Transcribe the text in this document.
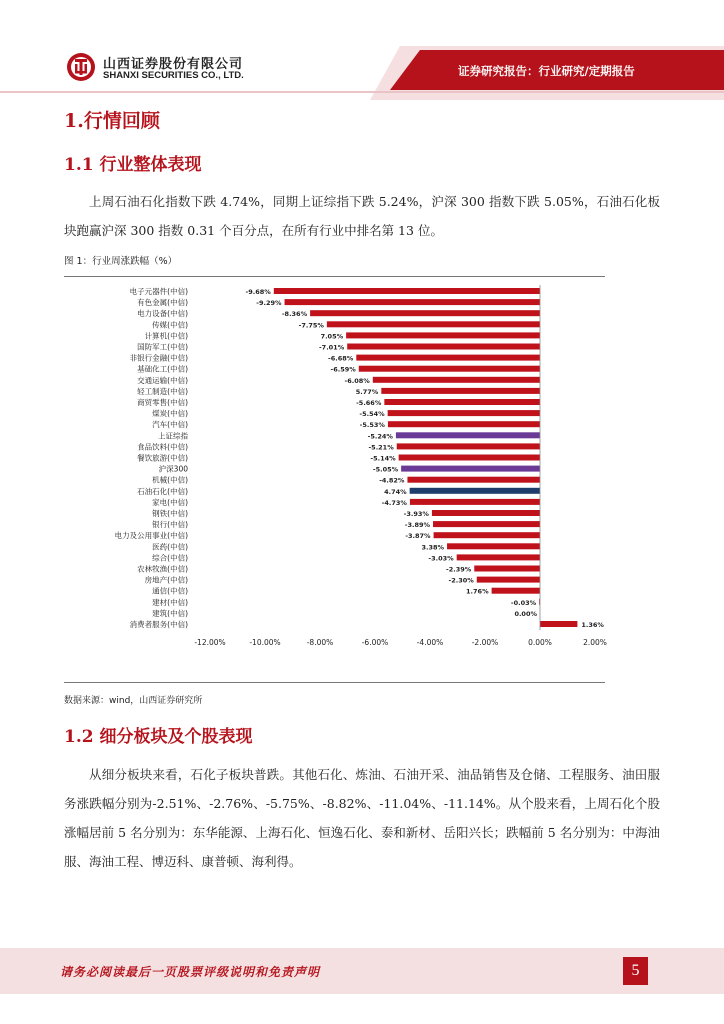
山西证券股份有限公司
SHANXI SECURITIES CO., LTD.	证券研究报告：行业研究/定期报告
1.行情回顾
1.1 行业整体表现
上周石油石化指数下跌 4.74%，同期上证综指下跌 5.24%，沪深 300 指数下跌 5.05%，石油石化板块跑赢沪深 300 指数 0.31 个百分点，在所有行业中排名第 13 位。
图 1：行业周涨跌幅（%）
电子元器件(中信)	-9.68%
有色金属(中信)	-9.29%
电力设备(中信)	-8.36%
传媒(中信)	-7.75%
计算机(中信)	7.05%
国防军工(中信)	-7.01%
非银行金融(中信)	-6.68%
基础化工(中信)	-6.59%
交通运输(中信)	-6.08%
轻工制造(中信)	5.77%
商贸零售(中信)	-5.66%
煤炭(中信)	-5.54%
汽车(中信)	-5.53%
上证综指	-5.24%
食品饮料(中信)	-5.21%
餐饮旅游(中信)	-5.14%
沪深300	-5.05%
机械(中信)	-4.82%
石油石化(中信)	4.74%
家电(中信)	-4.73%
钢铁(中信)	-3.93%
银行(中信)	-3.89%
电力及公用事业(中信)	-3.87%
医药(中信)	3.38%
综合(中信)	-3.03%
农林牧渔(中信)	-2.39%
房地产(中信)	-2.30%
通信(中信)	1.76%
建材(中信)	-0.03%
建筑(中信)	0.00%
消费者服务(中信)	1.36%
-12.00%	-10.00%	-8.00%	-6.00%	-4.00%	-2.00%	0.00%	2.00%
数据来源：wind，山西证券研究所
1.2 细分板块及个股表现
从细分板块来看，石化子板块普跌。其他石化、炼油、石油开采、油品销售及仓储、工程服务、油田服务涨跌幅分别为-2.51%、-2.76%、-5.75%、-8.82%、-11.04%、-11.14%。从个股来看，上周石化个股涨幅居前 5 名分别为：东华能源、上海石化、恒逸石化、泰和新材、岳阳兴长；跌幅前 5 名分别为：中海油服、海油工程、博迈科、康普顿、海利得。
请务必阅读最后一页股票评级说明和免责声明	5
